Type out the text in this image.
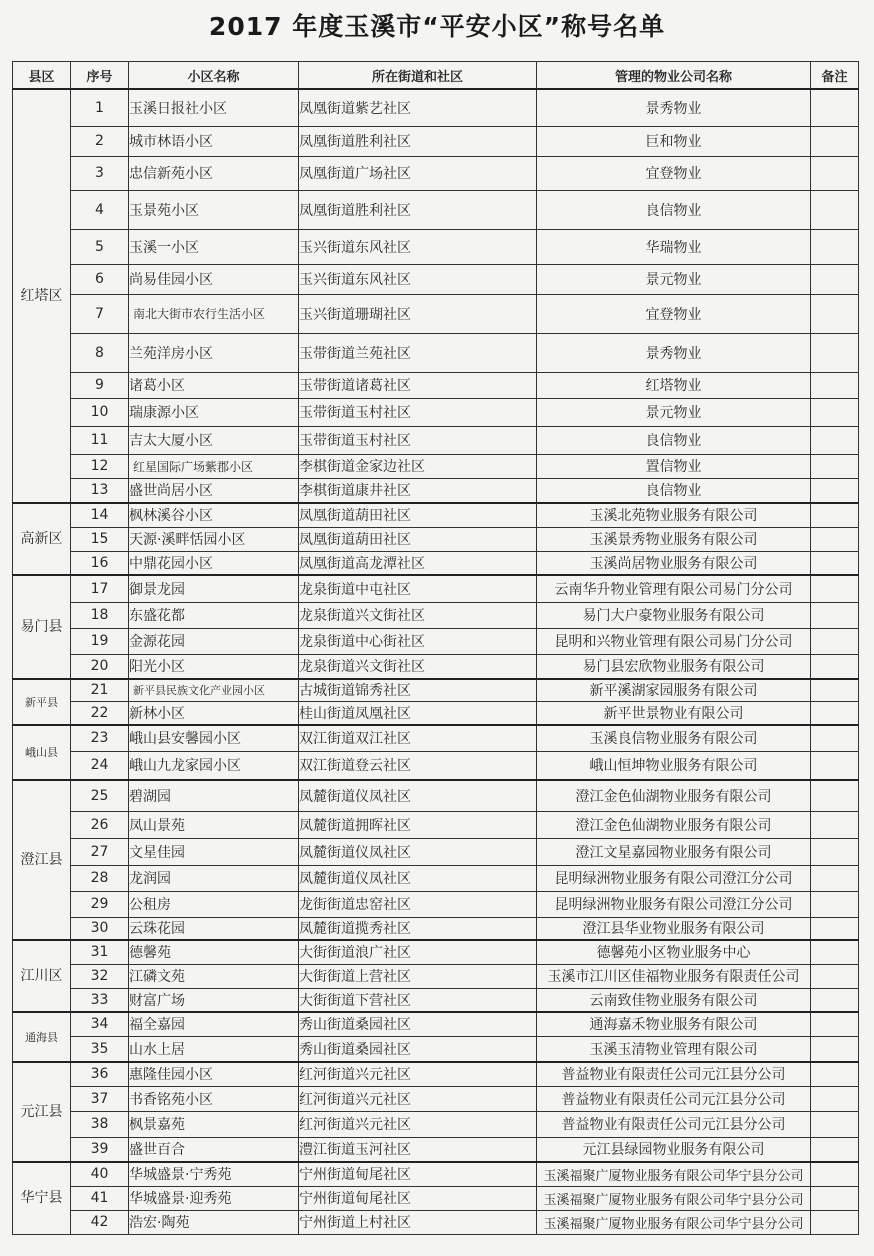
2017 年度玉溪市“平安小区”称号名单
县区	序号	小区名称	所在街道和社区	管理的物业公司名称	备注
红塔区	1	玉溪日报社小区	凤凰街道紫艺社区	景秀物业	
	2	城市林语小区	凤凰街道胜利社区	巨和物业	
	3	忠信新苑小区	凤凰街道广场社区	宜登物业	
	4	玉景苑小区	凤凰街道胜利社区	良信物业	
	5	玉溪一小区	玉兴街道东风社区	华瑞物业	
	6	尚易佳园小区	玉兴街道东风社区	景元物业	
	7	南北大街市农行生活小区	玉兴街道珊瑚社区	宜登物业	
	8	兰苑洋房小区	玉带街道兰苑社区	景秀物业	
	9	诸葛小区	玉带街道诸葛社区	红塔物业	
	10	瑞康源小区	玉带街道玉村社区	景元物业	
	11	吉太大厦小区	玉带街道玉村社区	良信物业	
	12	红星国际广场紫郡小区	李棋街道金家边社区	置信物业	
	13	盛世尚居小区	李棋街道康井社区	良信物业	
高新区	14	枫林溪谷小区	凤凰街道葫田社区	玉溪北苑物业服务有限公司	
	15	天源·溪畔恬园小区	凤凰街道葫田社区	玉溪景秀物业服务有限公司	
	16	中鼎花园小区	凤凰街道高龙潭社区	玉溪尚居物业服务有限公司	
易门县	17	御景龙园	龙泉街道中屯社区	云南华升物业管理有限公司易门分公司	
	18	东盛花都	龙泉街道兴文街社区	易门大户豪物业服务有限公司	
	19	金源花园	龙泉街道中心街社区	昆明和兴物业管理有限公司易门分公司	
	20	阳光小区	龙泉街道兴文街社区	易门县宏欣物业服务有限公司	
新平县	21	新平县民族文化产业园小区	古城街道锦秀社区	新平溪湖家园服务有限公司	
	22	新林小区	桂山街道凤凰社区	新平世景物业有限公司	
峨山县	23	峨山县安馨园小区	双江街道双江社区	玉溪良信物业服务有限公司	
	24	峨山九龙家园小区	双江街道登云社区	峨山恒坤物业服务有限公司	
澄江县	25	碧湖园	凤麓街道仪凤社区	澄江金色仙湖物业服务有限公司	
	26	凤山景苑	凤麓街道拥晖社区	澄江金色仙湖物业服务有限公司	
	27	文星佳园	凤麓街道仪凤社区	澄江文星嘉园物业服务有限公司	
	28	龙润园	凤麓街道仪凤社区	昆明绿洲物业服务有限公司澄江分公司	
	29	公租房	龙街街道忠窑社区	昆明绿洲物业服务有限公司澄江分公司	
	30	云珠花园	凤麓街道揽秀社区	澄江县华业物业服务有限公司	
江川区	31	德馨苑	大街街道浪广社区	德馨苑小区物业服务中心	
	32	江磷文苑	大街街道上营社区	玉溪市江川区佳福物业服务有限责任公司	
	33	财富广场	大街街道下营社区	云南致佳物业服务有限公司	
通海县	34	福全嘉园	秀山街道桑园社区	通海嘉禾物业服务有限公司	
	35	山水上居	秀山街道桑园社区	玉溪玉清物业管理有限公司	
元江县	36	惠隆佳园小区	红河街道兴元社区	普益物业有限责任公司元江县分公司	
	37	书香铭苑小区	红河街道兴元社区	普益物业有限责任公司元江县分公司	
	38	枫景嘉苑	红河街道兴元社区	普益物业有限责任公司元江县分公司	
	39	盛世百合	澧江街道玉河社区	元江县绿园物业服务有限公司	
华宁县	40	华城盛景·宁秀苑	宁州街道甸尾社区	玉溪福聚广厦物业服务有限公司华宁县分公司	
	41	华城盛景·迎秀苑	宁州街道甸尾社区	玉溪福聚广厦物业服务有限公司华宁县分公司	
	42	浩宏·陶苑	宁州街道上村社区	玉溪福聚广厦物业服务有限公司华宁县分公司	
